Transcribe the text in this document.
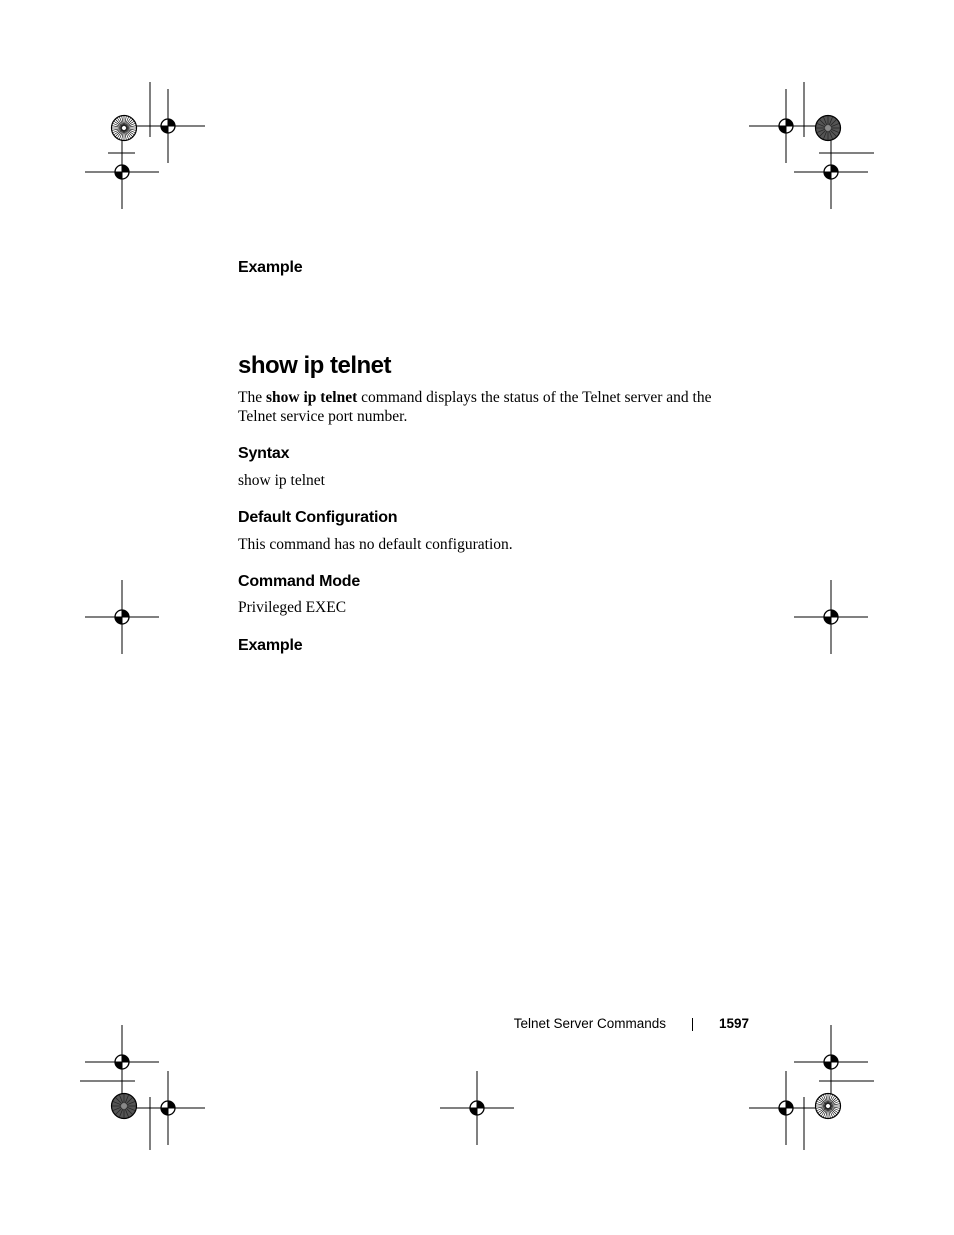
Example
show ip telnet
The show ip telnet command displays the status of the Telnet server and the
Telnet service port number.
Syntax
show ip telnet
Default Configuration
This command has no default configuration.
Command Mode
Privileged EXEC
Example
Telnet Server Commands	1597
